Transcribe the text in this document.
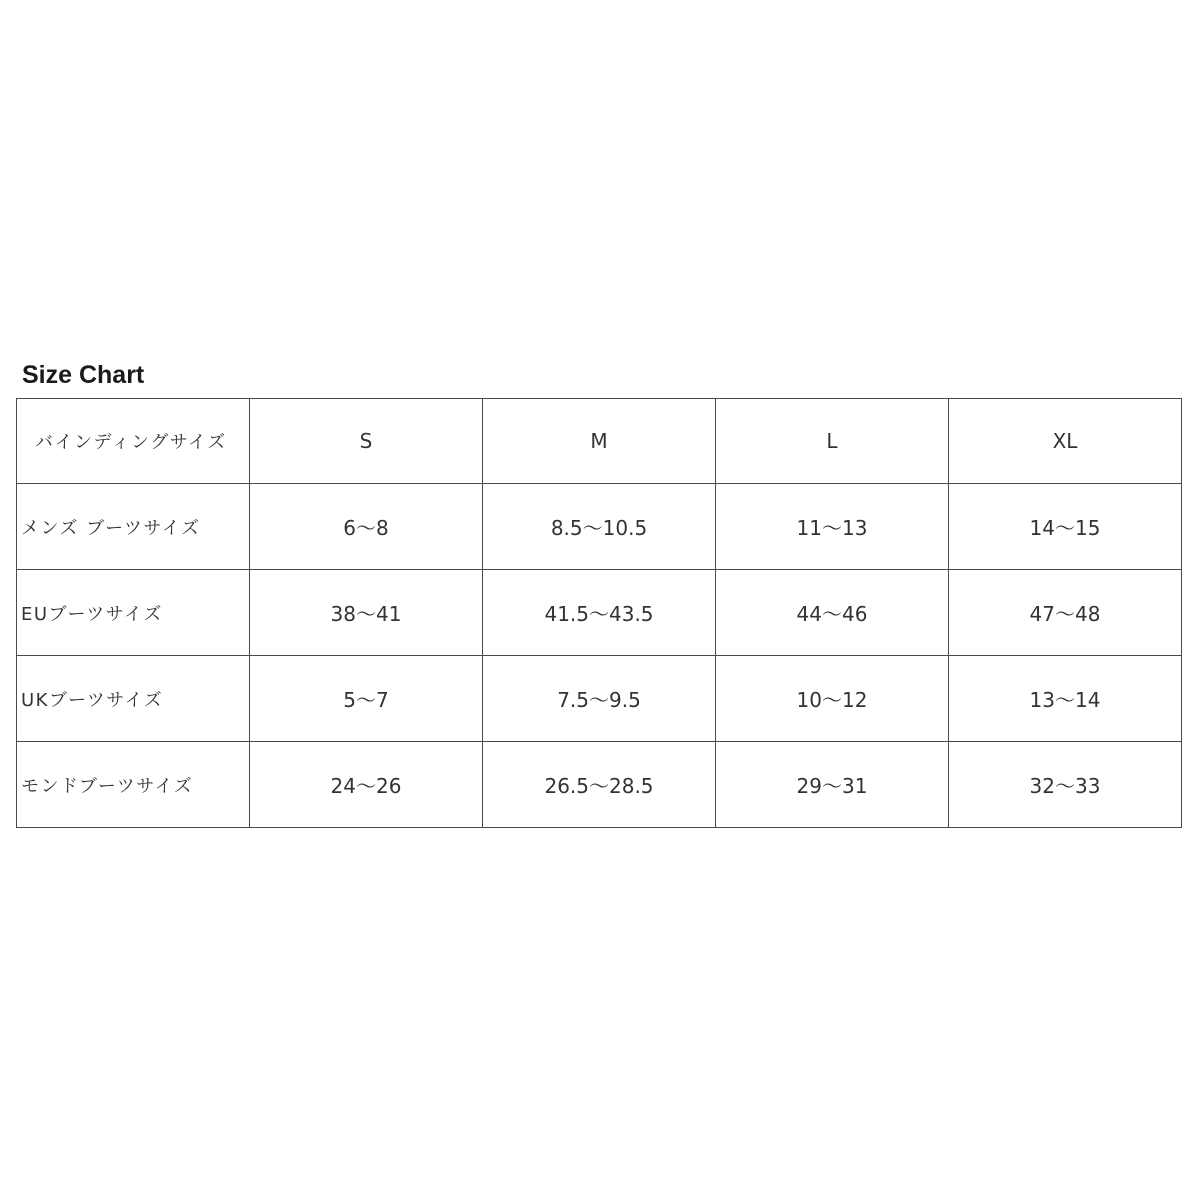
Size Chart
バインディングサイズ	S	M	L	XL
メンズ ブーツサイズ	6～8	8.5～10.5	11～13	14～15
EUブーツサイズ	38～41	41.5～43.5	44～46	47～48
UKブーツサイズ	5～7	7.5～9.5	10～12	13～14
モンドブーツサイズ	24～26	26.5～28.5	29～31	32～33
